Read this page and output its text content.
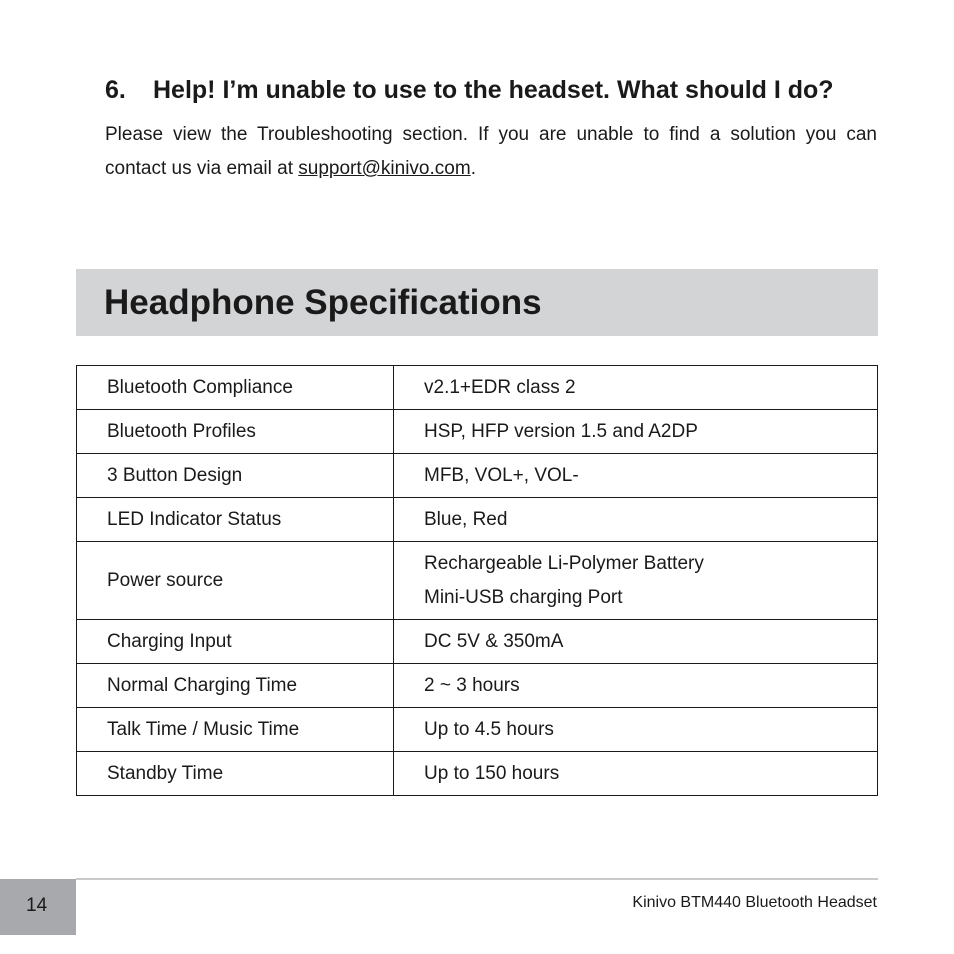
6.	Help! I’m unable to use to the headset. What should I do?

Please view the Troubleshooting section. If you are unable to find a solution you can contact us via email at support@kinivo.com.

Headphone Specifications
Bluetooth Compliance	v2.1+EDR class 2
Bluetooth Profiles	HSP, HFP version 1.5 and A2DP
3 Button Design	MFB, VOL+, VOL-
LED Indicator Status	Blue, Red
Power source	Rechargeable Li-Polymer Battery
Mini-USB charging Port

Charging Input	DC 5V & 350mA
Normal Charging Time	2 ~ 3 hours
Talk Time / Music Time	Up to 4.5 hours
Standby Time	Up to 150 hours
14	Kinivo BTM440 Bluetooth Headset
